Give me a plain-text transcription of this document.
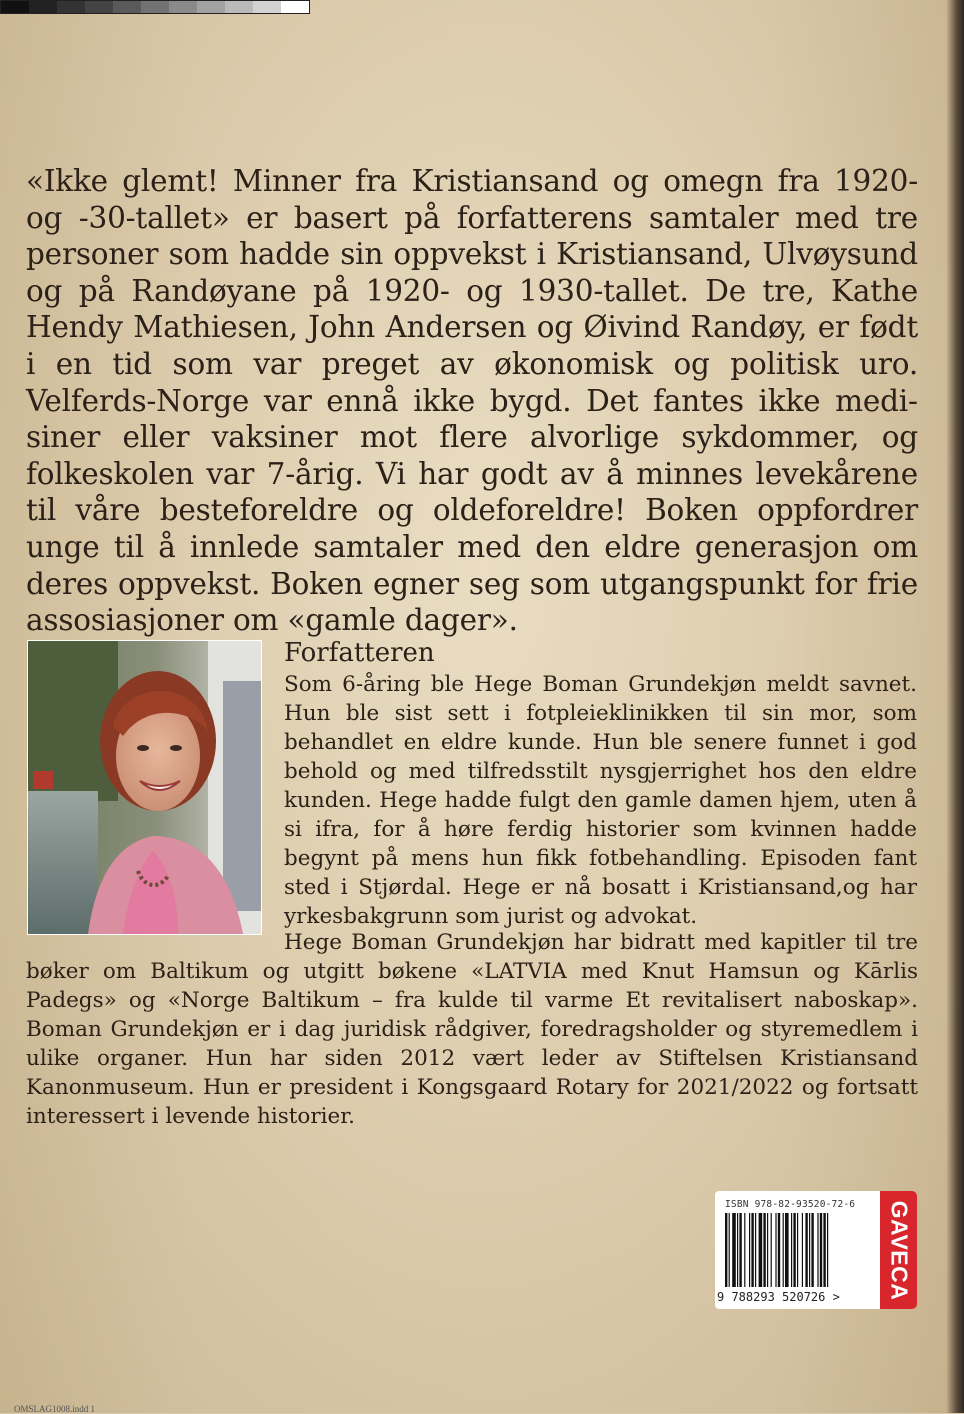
«Ikke glemt! Minner fra Kristiansand og omegn fra 1920- og -30-tallet» er basert på forfatterens samtaler med tre personer som hadde sin oppvekst i Kristiansand, Ulvøysund og på Randøyane på 1920- og 1930-tallet. De tre, Kathe Hendy Mathiesen, John Andersen og Øivind Randøy, er født i en tid som var preget av økonomisk og politisk uro. Velferds-Norge var ennå ikke bygd. Det fantes ikke medisiner eller vaksiner mot flere alvorlige sykdommer, og folkeskolen var 7-årig. Vi har godt av å minnes levekårene til våre besteforeldre og oldeforeldre! Boken oppfordrer unge til å innlede samtaler med den eldre generasjon om deres oppvekst. Boken egner seg som utgangspunkt for frie assosiasjoner om «gamle dager».

Forfatteren

Som 6-åring ble Hege Boman Grundekjøn meldt savnet. Hun ble sist sett i fotpleieklinikken til sin mor, som behandlet en eldre kunde. Hun ble senere funnet i god behold og med tilfredsstilt nysgjerrighet hos den eldre kunden. Hege hadde fulgt den gamle damen hjem, uten å si ifra, for å høre ferdig historier som kvinnen hadde begynt på mens hun fikk fotbehandling. Episoden fant sted i Stjørdal. Hege er nå bosatt i Kristiansand,og har yrkesbakgrunn som jurist og advokat.

Hege Boman Grundekjøn har bidratt med kapitler til tre bøker om Baltikum og utgitt bøkene «LATVIA med Knut Hamsun og Kārlis Padegs» og «Norge Baltikum – fra kulde til varme Et revitalisert naboskap». Boman Grundekjøn er i dag juridisk rådgiver, foredragsholder og styremedlem i ulike organer. Hun har siden 2012 vært leder av Stiftelsen Kristiansand Kanonmuseum. Hun er president i Kongsgaard Rotary for 2021/2022 og fortsatt interessert i levende historier.

ISBN 978-82-93520-72-6
9 788293 520726 > GAVECA
OMSLAG1008.indd 1
